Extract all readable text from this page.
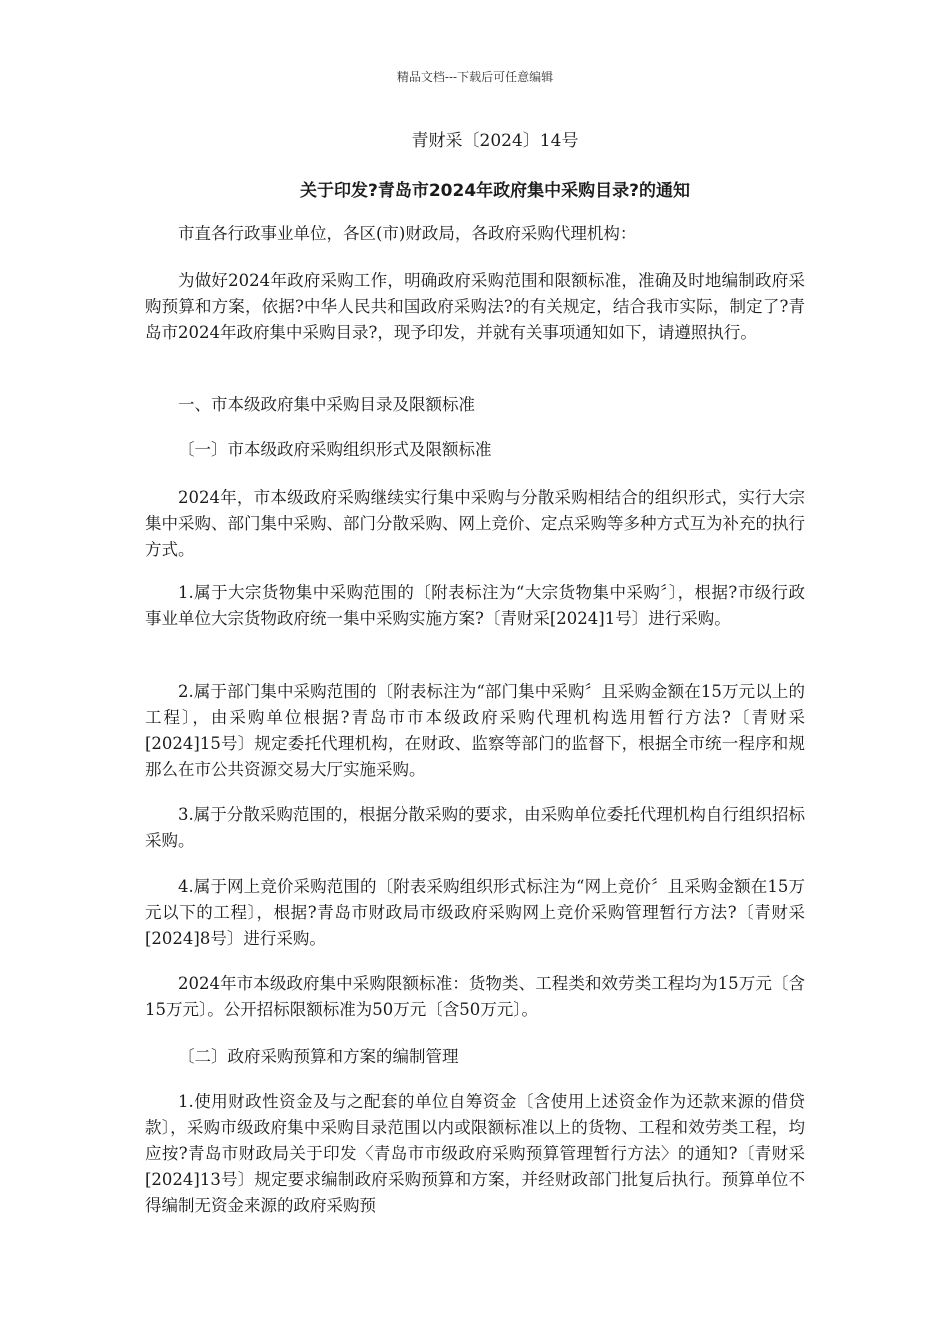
精品文档---下载后可任意编辑
青财采〔2024〕14号
关于印发?青岛市2024年政府集中采购目录?的通知

市直各行政事业单位，各区(市)财政局，各政府采购代理机构：

为做好2024年政府采购工作，明确政府采购范围和限额标准，准确及时地编制政府采购预算和方案，依据?中华人民共和国政府采购法?的有关规定，结合我市实际，制定了?青岛市2024年政府集中采购目录?，现予印发，并就有关事项通知如下，请遵照执行。

一、市本级政府集中采购目录及限额标准

〔一〕市本级政府采购组织形式及限额标准

2024年，市本级政府采购继续实行集中采购与分散采购相结合的组织形式，实行大宗集中采购、部门集中采购、部门分散采购、网上竞价、定点采购等多种方式互为补充的执行方式。

1.属于大宗货物集中采购范围的〔附表标注为“大宗货物集中采购〞〕，根据?市级行政事业单位大宗货物政府统一集中采购实施方案?〔青财采[2024]1号〕进行采购。

2.属于部门集中采购范围的〔附表标注为“部门集中采购〞且采购金额在15万元以上的工程〕，由采购单位根据?青岛市市本级政府采购代理机构选用暂行方法?〔青财采[2024]15号〕规定委托代理机构，在财政、监察等部门的监督下，根据全市统一程序和规那么在市公共资源交易大厅实施采购。

3.属于分散采购范围的，根据分散采购的要求，由采购单位委托代理机构自行组织招标采购。

4.属于网上竞价采购范围的〔附表采购组织形式标注为“网上竞价〞且采购金额在15万元以下的工程〕，根据?青岛市财政局市级政府采购网上竞价采购管理暂行方法?〔青财采[2024]8号〕进行采购。

2024年市本级政府集中采购限额标准：货物类、工程类和效劳类工程均为15万元〔含15万元〕。公开招标限额标准为50万元〔含50万元〕。

〔二〕政府采购预算和方案的编制管理

1.使用财政性资金及与之配套的单位自筹资金〔含使用上述资金作为还款来源的借贷款〕，采购市级政府集中采购目录范围以内或限额标准以上的货物、工程和效劳类工程，均应按?青岛市财政局关于印发〈青岛市市级政府采购预算管理暂行方法〉的通知?〔青财采[2024]13号〕规定要求编制政府采购预算和方案，并经财政部门批复后执行。预算单位不得编制无资金来源的政府采购预
